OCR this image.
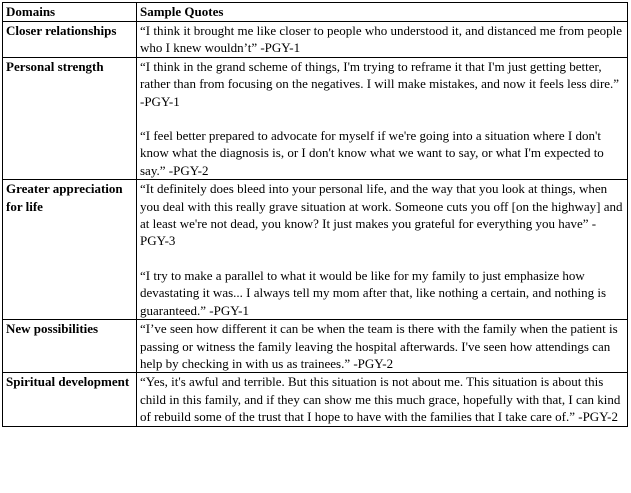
Domains	Sample Quotes
Closer relationships	“I think it brought me like closer to people who understood it, and distanced me from people who I knew wouldn’t” -PGY-1

Personal strength	“I think in the grand scheme of things, I'm trying to reframe it that I'm just getting better, rather than from focusing on the negatives. I will make mistakes, and now it feels less dire.” -PGY-1
“I feel better prepared to advocate for myself if we're going into a situation where I don't know what the diagnosis is, or I don't know what we want to say, or what I'm expected to say.” -PGY-2

Greater appreciation for life	“It definitely does bleed into your personal life, and the way that you look at things, when you deal with this really grave situation at work. Someone cuts you off [on the highway] and at least we're not dead, you know? It just makes you grateful for everything you have” -PGY-3
“I try to make a parallel to what it would be like for my family to just emphasize how devastating it was... I always tell my mom after that, like nothing a certain, and nothing is guaranteed.” -PGY-1

New possibilities	“I’ve seen how different it can be when the team is there with the family when the patient is passing or witness the family leaving the hospital afterwards. I've seen how attendings can help by checking in with us as trainees.” -PGY-2

Spiritual development	“Yes, it's awful and terrible. But this situation is not about me. This situation is about this child in this family, and if they can show me this much grace, hopefully with that, I can kind of rebuild some of the trust that I hope to have with the families that I take care of.” -PGY-2
